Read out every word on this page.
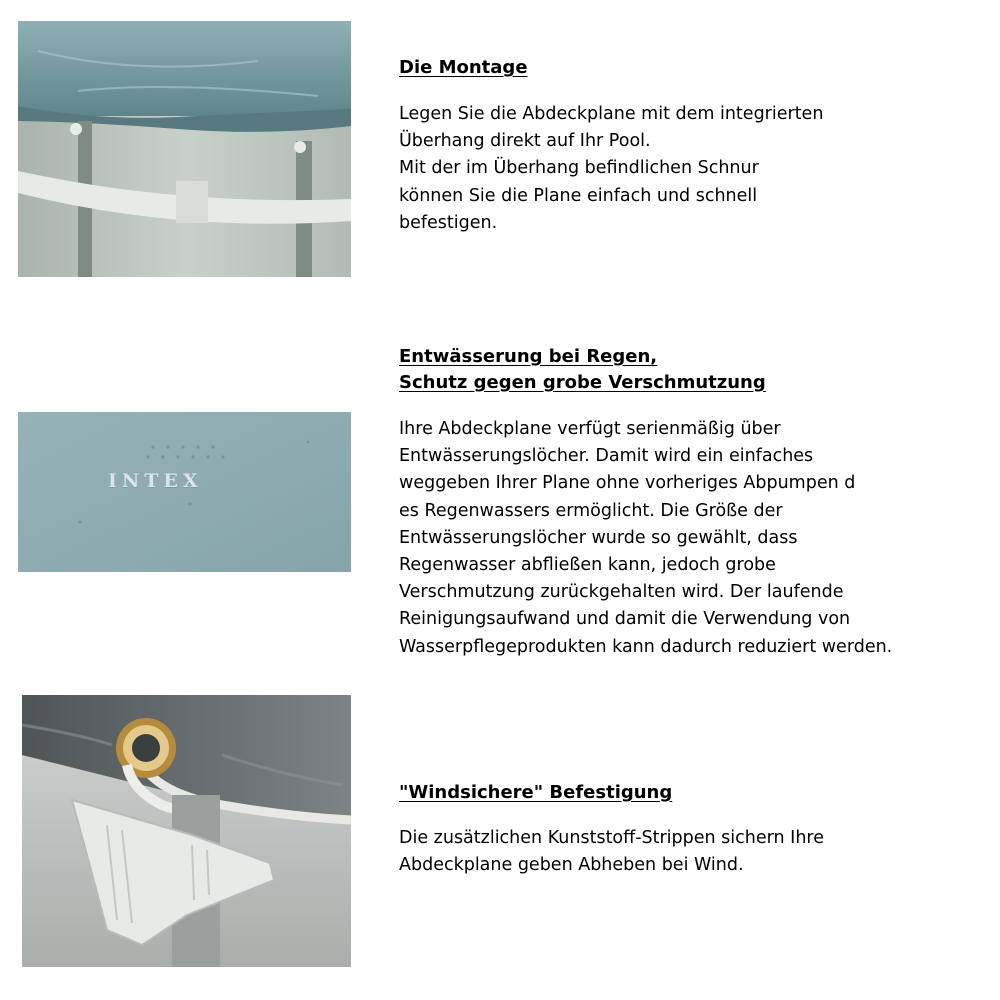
INTEX
Die Montage

Legen Sie die Abdeckplane mit dem integrierten

Überhang direkt auf Ihr Pool.

Mit der im Überhang befindlichen Schnur

können Sie die Plane einfach und schnell

befestigen.

Entwässerung bei Regen,
Schutz gegen grobe Verschmutzung

Ihre Abdeckplane verfügt serienmäßig über

Entwässerungslöcher. Damit wird ein einfaches

weggeben Ihrer Plane ohne vorheriges Abpumpen d

es Regenwassers ermöglicht. Die Größe der

Entwässerungslöcher wurde so gewählt, dass

Regenwasser abfließen kann, jedoch grobe

Verschmutzung zurückgehalten wird. Der laufende

Reinigungsaufwand und damit die Verwendung von

Wasserpflegeprodukten kann dadurch reduziert werden.

"Windsichere" Befestigung

Die zusätzlichen Kunststoff-Strippen sichern Ihre

Abdeckplane geben Abheben bei Wind.
